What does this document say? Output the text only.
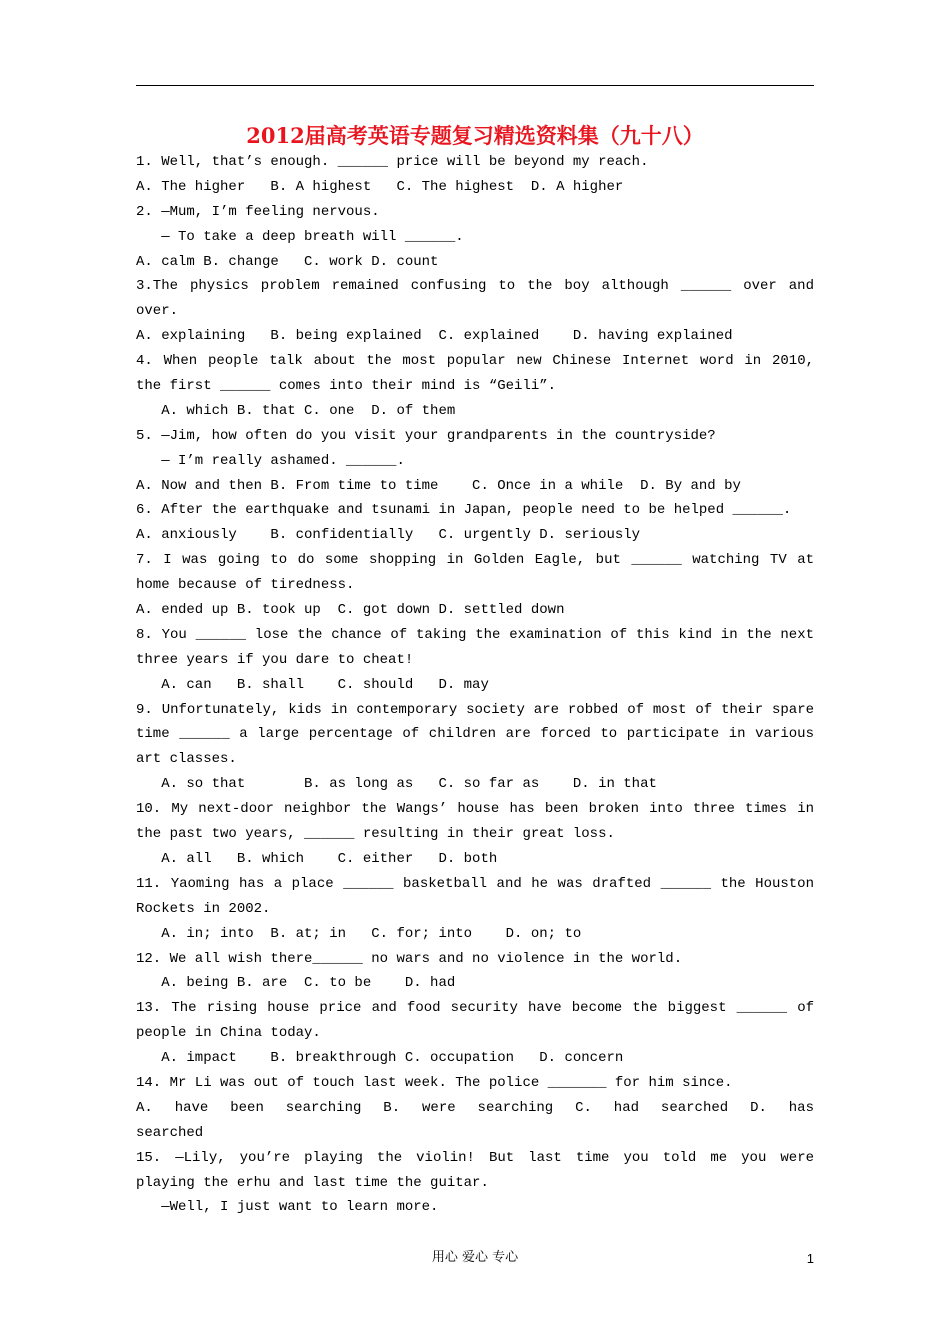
2012届高考英语专题复习精选资料集（九十八）
1. Well, that’s enough. ______ price will be beyond my reach.
A. The higher   B. A highest   C. The highest  D. A higher
2. —Mum, I’m feeling nervous.
— To take a deep breath will ______.
A. calm B. change   C. work D. count
3.The physics problem remained confusing to the boy although ______ over and
over.
A. explaining   B. being explained  C. explained    D. having explained
4. When people talk about the most popular new Chinese Internet word in 2010,
the first ______ comes into their mind is “Geili”.
A. which B. that C. one  D. of them
5. —Jim, how often do you visit your grandparents in the countryside?
— I’m really ashamed. ______.
A. Now and then B. From time to time    C. Once in a while  D. By and by
6. After the earthquake and tsunami in Japan, people need to be helped ______.
A. anxiously    B. confidentially   C. urgently D. seriously
7. I was going to do some shopping in Golden Eagle, but ______ watching TV at
home because of tiredness.
A. ended up B. took up  C. got down D. settled down
8. You ______ lose the chance of taking the examination of this kind in the next
three years if you dare to cheat!
A. can   B. shall    C. should   D. may
9. Unfortunately, kids in contemporary society are robbed of most of their spare
time ______ a large percentage of children are forced to participate in various
art classes.
A. so that       B. as long as   C. so far as    D. in that
10. My next-door neighbor the Wangs’ house has been broken into three times in
the past two years, ______ resulting in their great loss.
A. all   B. which    C. either   D. both
11. Yaoming has a place ______ basketball and he was drafted ______ the Houston
Rockets in 2002.
A. in; into  B. at; in   C. for; into    D. on; to
12. We all wish there______ no wars and no violence in the world.
A. being B. are  C. to be    D. had
13. The rising house price and food security have become the biggest ______ of
people in China today.
A. impact    B. breakthrough C. occupation   D. concern
14. Mr Li was out of touch last week. The police _______ for him since.
A. have been searching B. were searching C. had searched D. has
searched
15. —Lily, you’re playing the violin! But last time you told me you were
playing the erhu and last time the guitar.
—Well, I just want to learn more.
用心 爱心 专心	1
